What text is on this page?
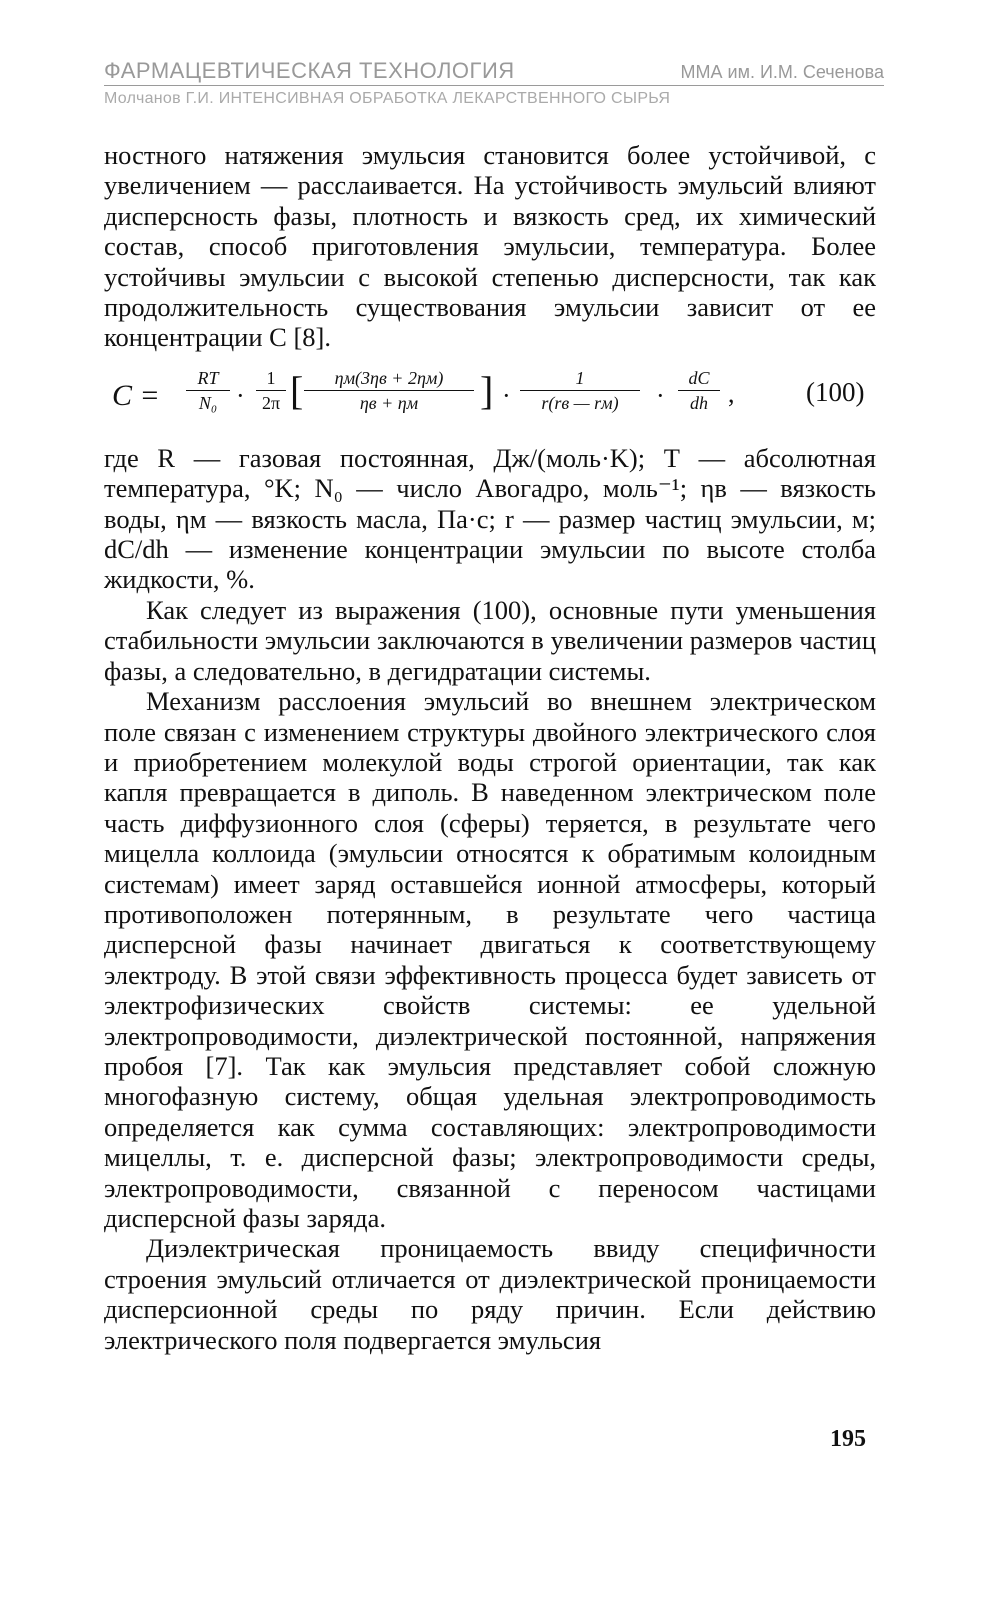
ФАРМАЦЕВТИЧЕСКАЯ ТЕХНОЛОГИЯ	ММА им. И.М. Сеченова
Молчанов Г.И. ИНТЕНСИВНАЯ ОБРАБОТКА ЛЕКАРСТВЕННОГО СЫРЬЯ

ностного натяжения эмульсия становится более устойчивой, с увеличением — расслаивается. На устойчивость эмульсий влияют дисперсность фазы, плотность и вязкость сред, их химический состав, способ приготовления эмульсии, температура. Более устойчивы эмульсии с высокой степенью дисперсности, так как продолжительность существования эмульсии зависит от ее концентрации С [8].

C =
RT
N₀ ·
1
2π [	ηм(3ηв + 2ηм)
ηв + ηм	] ·
1
r(rв — rм)	·
dC
dh ,	(100)

где R — газовая постоянная, Дж/(моль·K); Т — абсолютная температура, °K; N₀ — число Авогадро, моль⁻¹; ηв — вязкость воды, ηм — вязкость масла, Па·с; r — размер частиц эмульсии, м; dC/dh — изменение концентрации эмульсии по высоте столба жидкости, %.

Как следует из выражения (100), основные пути уменьшения стабильности эмульсии заключаются в увеличении размеров частиц фазы, а следовательно, в дегидратации системы.

Механизм расслоения эмульсий во внешнем электрическом поле связан с изменением структуры двойного электрического слоя и приобретением молекулой воды строгой ориентации, так как капля превращается в диполь. В наведенном электрическом поле часть диффузионного слоя (сферы) теряется, в результате чего мицелла коллоида (эмульсии относятся к обратимым колоидным системам) имеет заряд оставшейся ионной атмосферы, который противоположен потерянным, в результате чего частица дисперсной фазы начинает двигаться к соответствующему электроду. В этой связи эффективность процесса будет зависеть от электрофизических свойств системы: ее удельной электропроводимости, диэлектрической постоянной, напряжения пробоя [7]. Так как эмульсия представляет собой сложную многофазную систему, общая удельная электропроводимость определяется как сумма составляющих: электропроводимости мицеллы, т. е. дисперсной фазы; электропроводимости среды, электропроводимости, связанной с переносом частицами дисперсной фазы заряда.

Диэлектрическая проницаемость ввиду специфичности строения эмульсий отличается от диэлектрической проницаемости дисперсионной среды по ряду причин. Если действию электрического поля подвергается эмульсия

195
